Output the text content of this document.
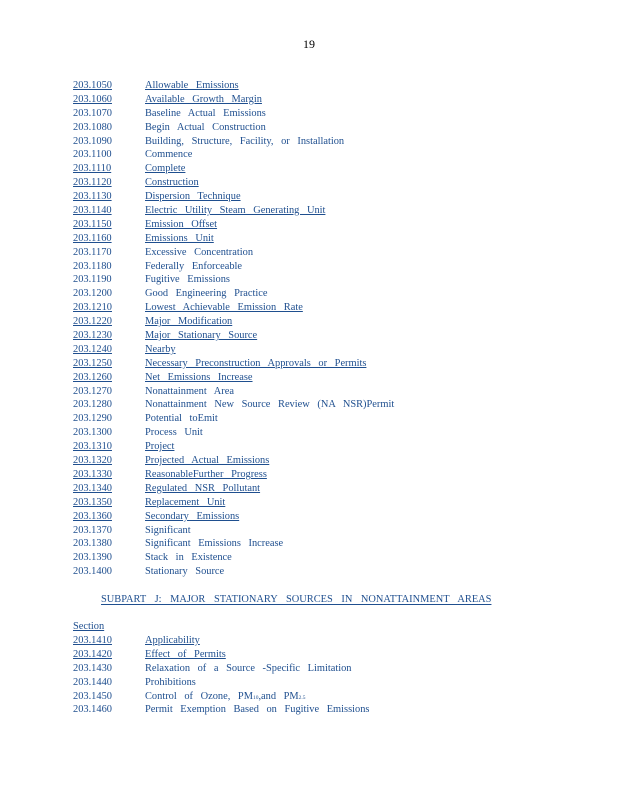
19
203.1050	Allowable Emissions
203.1060	Available Growth Margin
203.1070	Baseline Actual Emissions
203.1080	Begin Actual Construction
203.1090	Building, Structure, Facility, or Installation
203.1100	Commence
203.1110	Complete
203.1120	Construction
203.1130	Dispersion Technique
203.1140	Electric Utility Steam Generating Unit
203.1150	Emission Offset
203.1160	Emissions Unit
203.1170	Excessive Concentration
203.1180	Federally Enforceable
203.1190	Fugitive Emissions
203.1200	Good Engineering Practice
203.1210	Lowest Achievable Emission Rate
203.1220	Major Modification
203.1230	Major Stationary Source
203.1240	Nearby
203.1250	Necessary Preconstruction Approvals or Permits
203.1260	Net Emissions Increase
203.1270	Nonattainment Area
203.1280	Nonattainment New Source Review (NA NSR)Permit
203.1290	Potential toEmit
203.1300	Process Unit
203.1310	Project
203.1320	Projected Actual Emissions
203.1330	ReasonableFurther Progress
203.1340	Regulated NSR Pollutant
203.1350	Replacement Unit
203.1360	Secondary Emissions
203.1370	Significant
203.1380	Significant Emissions Increase
203.1390	Stack in Existence
203.1400	Stationary Source
SUBPART J: MAJOR STATIONARY SOURCES IN NONATTAINMENT AREAS
Section
203.1410	Applicability
203.1420	Effect of Permits
203.1430	Relaxation of a Source -Specific Limitation
203.1440	Prohibitions
203.1450	Control of Ozone, PM10,and PM2.5
203.1460	Permit Exemption Based on Fugitive Emissions
